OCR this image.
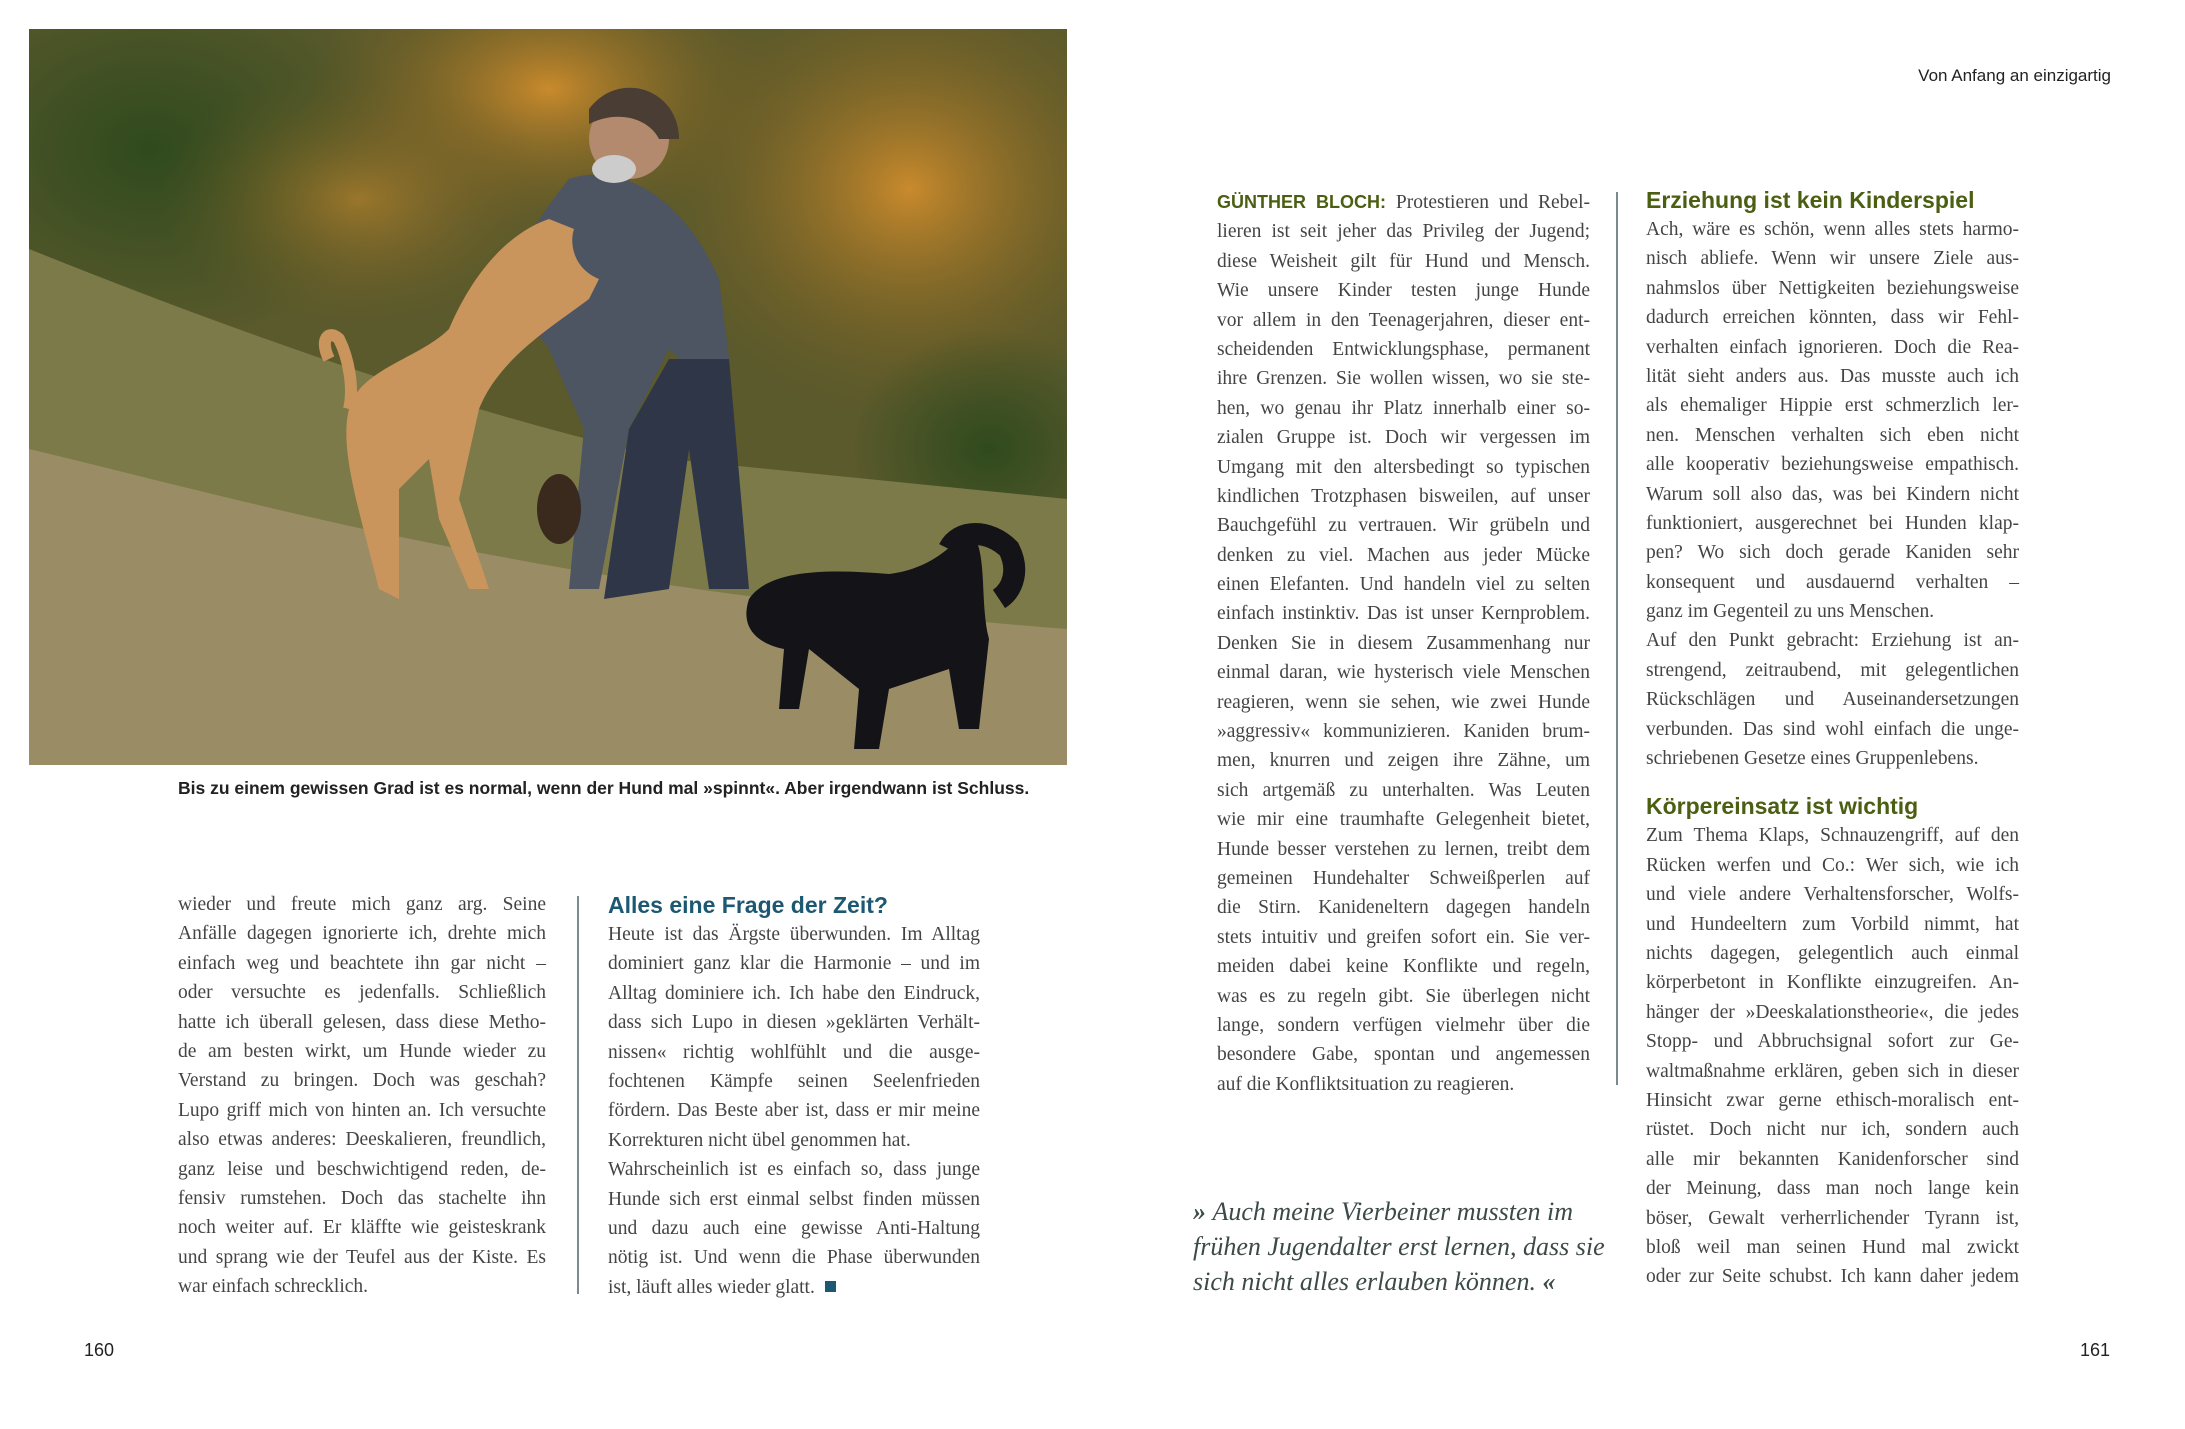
Von Anfang an einzigartig
Bis zu einem gewissen Grad ist es normal, wenn der Hund mal »spinnt«. Aber irgendwann ist Schluss.
wieder und freute mich ganz arg. Seine
Anfälle dagegen ignorierte ich, drehte mich
einfach weg und beachtete ihn gar nicht –
oder versuchte es jedenfalls. Schließlich
hatte ich überall gelesen, dass diese Metho-
de am besten wirkt, um Hunde wieder zu
Verstand zu bringen. Doch was geschah?
Lupo griff mich von hinten an. Ich versuchte
also etwas anderes: Deeskalieren, freundlich,
ganz leise und beschwichtigend reden, de-
fensiv rumstehen. Doch das stachelte ihn
noch weiter auf. Er kläffte wie geisteskrank
und sprang wie der Teufel aus der Kiste. Es
war einfach schrecklich.
Alles eine Frage der Zeit?
Heute ist das Ärgste überwunden. Im Alltag
dominiert ganz klar die Harmonie – und im
Alltag dominiere ich. Ich habe den Eindruck,
dass sich Lupo in diesen »geklärten Verhält-
nissen« richtig wohlfühlt und die ausge-
fochtenen Kämpfe seinen Seelenfrieden
fördern. Das Beste aber ist, dass er mir meine
Korrekturen nicht übel genommen hat.
Wahrscheinlich ist es einfach so, dass junge
Hunde sich erst einmal selbst finden müssen
und dazu auch eine gewisse Anti-Haltung
nötig ist. Und wenn die Phase überwunden
ist, läuft alles wieder glatt.
GÜNTHER BLOCH: Protestieren und Rebel-
lieren ist seit jeher das Privileg der Jugend;
diese Weisheit gilt für Hund und Mensch.
Wie unsere Kinder testen junge Hunde
vor allem in den Teenagerjahren, dieser ent-
scheidenden Entwicklungsphase, permanent
ihre Grenzen. Sie wollen wissen, wo sie ste-
hen, wo genau ihr Platz innerhalb einer so-
zialen Gruppe ist. Doch wir vergessen im
Umgang mit den altersbedingt so typischen
kindlichen Trotzphasen bisweilen, auf unser
Bauchgefühl zu vertrauen. Wir grübeln und
denken zu viel. Machen aus jeder Mücke
einen Elefanten. Und handeln viel zu selten
einfach instinktiv. Das ist unser Kernproblem.
Denken Sie in diesem Zusammenhang nur
einmal daran, wie hysterisch viele Menschen
reagieren, wenn sie sehen, wie zwei Hunde
»aggressiv« kommunizieren. Kaniden brum-
men, knurren und zeigen ihre Zähne, um
sich artgemäß zu unterhalten. Was Leuten
wie mir eine traumhafte Gelegenheit bietet,
Hunde besser verstehen zu lernen, treibt dem
gemeinen Hundehalter Schweißperlen auf
die Stirn. Kanideneltern dagegen handeln
stets intuitiv und greifen sofort ein. Sie ver-
meiden dabei keine Konflikte und regeln,
was es zu regeln gibt. Sie überlegen nicht
lange, sondern verfügen vielmehr über die
besondere Gabe, spontan und angemessen
auf die Konfliktsituation zu reagieren.
» Auch meine Vierbeiner mussten im
frühen Jugendalter erst lernen, dass sie
sich nicht alles erlauben können. «
Erziehung ist kein Kinderspiel
Ach, wäre es schön, wenn alles stets harmo-
nisch abliefe. Wenn wir unsere Ziele aus-
nahmslos über Nettigkeiten beziehungsweise
dadurch erreichen könnten, dass wir Fehl-
verhalten einfach ignorieren. Doch die Rea-
lität sieht anders aus. Das musste auch ich
als ehemaliger Hippie erst schmerzlich ler-
nen. Menschen verhalten sich eben nicht
alle kooperativ beziehungsweise empathisch.
Warum soll also das, was bei Kindern nicht
funktioniert, ausgerechnet bei Hunden klap-
pen? Wo sich doch gerade Kaniden sehr
konsequent und ausdauernd verhalten –
ganz im Gegenteil zu uns Menschen.
Auf den Punkt gebracht: Erziehung ist an-
strengend, zeitraubend, mit gelegentlichen
Rückschlägen und Auseinandersetzungen
verbunden. Das sind wohl einfach die unge-
schriebenen Gesetze eines Gruppenlebens.
Körpereinsatz ist wichtig
Zum Thema Klaps, Schnauzengriff, auf den
Rücken werfen und Co.: Wer sich, wie ich
und viele andere Verhaltensforscher, Wolfs-
und Hundeeltern zum Vorbild nimmt, hat
nichts dagegen, gelegentlich auch einmal
körperbetont in Konflikte einzugreifen. An-
hänger der »Deeskalationstheorie«, die jedes
Stopp- und Abbruchsignal sofort zur Ge-
waltmaßnahme erklären, geben sich in dieser
Hinsicht zwar gerne ethisch-moralisch ent-
rüstet. Doch nicht nur ich, sondern auch
alle mir bekannten Kanidenforscher sind
der Meinung, dass man noch lange kein
böser, Gewalt verherrlichender Tyrann ist,
bloß weil man seinen Hund mal zwickt
oder zur Seite schubst. Ich kann daher jedem
160	161
